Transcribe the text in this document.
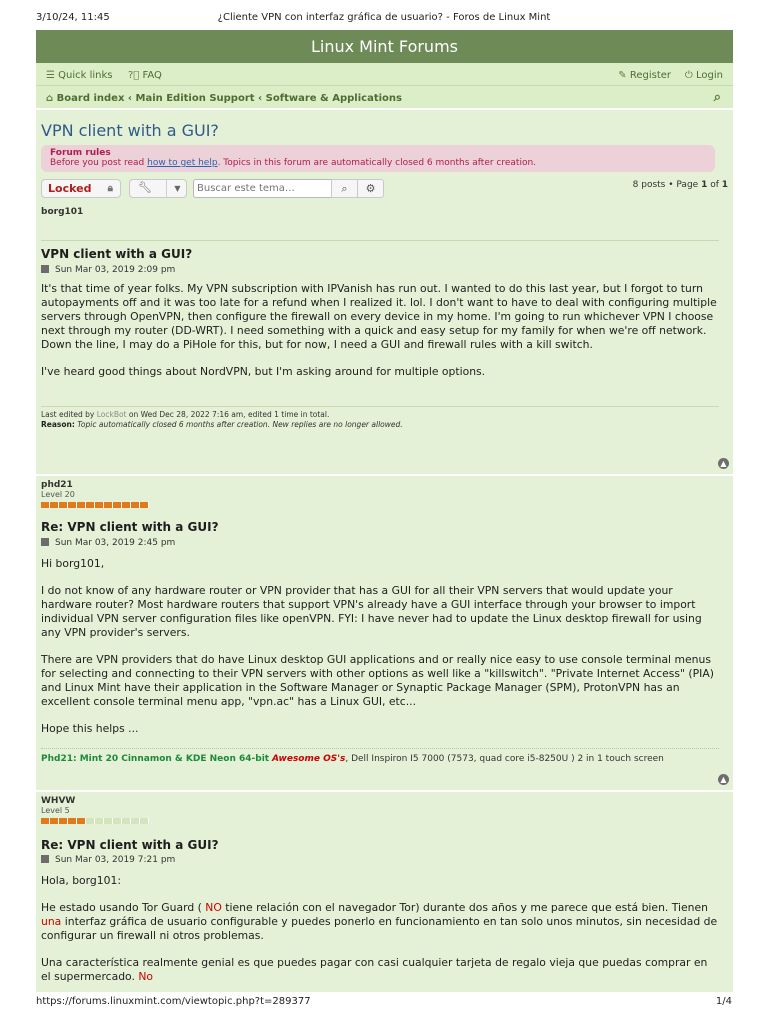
3/10/24, 11:45	¿Cliente VPN con interfaz gráfica de usuario? - Foros de Linux Mint
Linux Mint Forums
☰ Quick links ?⃝ FAQ	✎ Register ⏻ Login
⌂ Board index ‹ Main Edition Support ‹ Software & Applications	⌕
VPN client with a GUI?
Forum rules
Before you post read how to get help. Topics in this forum are automatically closed 6 months after creation.
Locked 🔒︎ 🔧︎	▼
Buscar este tema…	⌕	⚙	8 posts • Page 1 of 1
borg101
VPN client with a GUI?
Sun Mar 03, 2019 2:09 pm

It's that time of year folks. My VPN subscription with IPVanish has run out. I wanted to do this last year, but I forgot to turn autopayments off and it was too late for a refund when I realized it. lol. I don't want to have to deal with configuring multiple servers through OpenVPN, then configure the firewall on every device in my home. I'm going to run whichever VPN I choose next through my router (DD-WRT). I need something with a quick and easy setup for my family for when we're off network. Down the line, I may do a PiHole for this, but for now, I need a GUI and firewall rules with a kill switch.

I've heard good things about NordVPN, but I'm asking around for multiple options.

Last edited by LockBot on Wed Dec 28, 2022 7:16 am, edited 1 time in total.
Reason: Topic automatically closed 6 months after creation. New replies are no longer allowed.
▲
phd21
Level 20
Re: VPN client with a GUI?
Sun Mar 03, 2019 2:45 pm

Hi borg101,

I do not know of any hardware router or VPN provider that has a GUI for all their VPN servers that would update your hardware router? Most hardware routers that support VPN's already have a GUI interface through your browser to import individual VPN server configuration files like openVPN. FYI: I have never had to update the Linux desktop firewall for using any VPN provider's servers.

There are VPN providers that do have Linux desktop GUI applications and or really nice easy to use console terminal menus for selecting and connecting to their VPN servers with other options as well like a "killswitch". "Private Internet Access" (PIA) and Linux Mint have their application in the Software Manager or Synaptic Package Manager (SPM), ProtonVPN has an excellent console terminal menu app, "vpn.ac" has a Linux GUI, etc...

Hope this helps ...

Phd21: Mint 20 Cinnamon & KDE Neon 64-bit Awesome OS's, Dell Inspiron I5 7000 (7573, quad core i5-8250U ) 2 in 1 touch screen
▲
WHVW
Level 5
Re: VPN client with a GUI?
Sun Mar 03, 2019 7:21 pm

Hola, borg101:

He estado usando Tor Guard ( NO tiene relación con el navegador Tor) durante dos años y me parece que está bien. Tienen una interfaz gráfica de usuario configurable y puedes ponerlo en funcionamiento en tan solo unos minutos, sin necesidad de configurar un firewall ni otros problemas.

Una característica realmente genial es que puedes pagar con casi cualquier tarjeta de regalo vieja que puedas comprar en el supermercado. No

https://forums.linuxmint.com/viewtopic.php?t=289377	1/4
